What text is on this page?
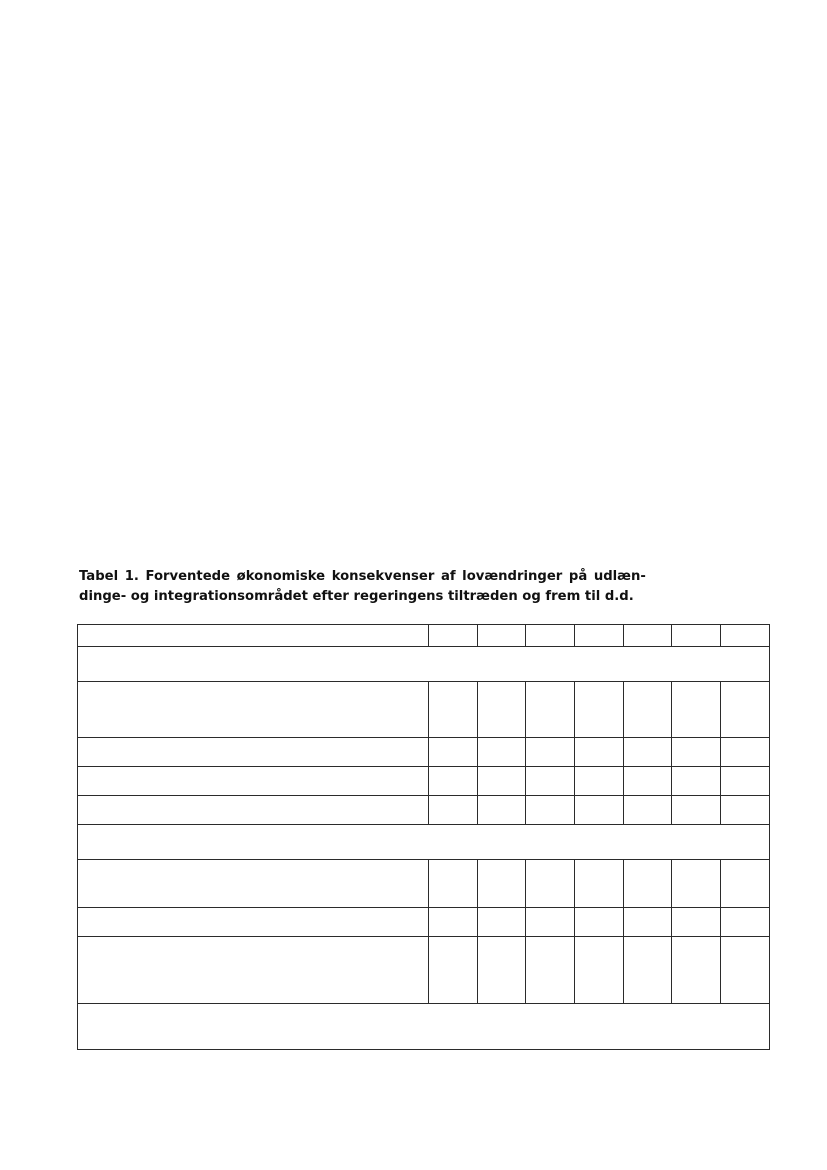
Tabel 1. Forventede økonomiske konsekvenser af lovændringer på udlæn-
dinge- og integrationsområdet efter regeringens tiltræden og frem til d.d.
